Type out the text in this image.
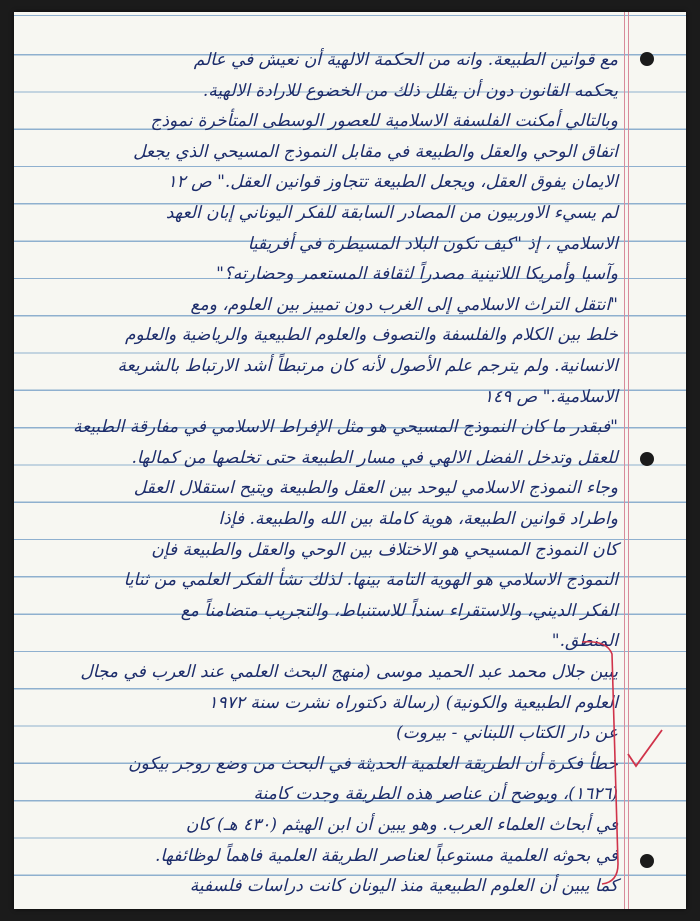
مع قوانين الطبيعة. وانه من الحكمة الالهية أن نعيش في عالم
يحكمه القانون دون أن يقلل ذلك من الخضوع للارادة الالهية.
وبالتالي أمكنت الفلسفة الاسلامية للعصور الوسطى المتأخرة نموذج
اتفاق الوحي والعقل والطبيعة في مقابل النموذج المسيحي الذي يجعل
الايمان يفوق العقل، ويجعل الطبيعة تتجاوز قوانين العقل." ص ١٢
لم يسيء الاوربيون من المصادر السابقة للفكر اليوناني إبان العهد
الاسلامي ، إذ "كيف تكون البلاد المسيطرة في أفريقيا
وآسيا وأمريكا اللاتينية مصدراً لثقافة المستعمر وحضارته؟"
"انتقل التراث الاسلامي إلى الغرب دون تمييز بين العلوم، ومع
خلط بين الكلام والفلسفة والتصوف والعلوم الطبيعية والرياضية والعلوم
الانسانية. ولم يترجم علم الأصول لأنه كان مرتبطاً أشد الارتباط بالشريعة
الاسلامية." ص ١٤٩
"فبقدر ما كان النموذج المسيحي هو مثل الإفراط الاسلامي في مفارقة الطبيعة
للعقل وتدخل الفضل الالهي في مسار الطبيعة حتى تخلصها من كمالها.
وجاء النموذج الاسلامي ليوحد بين العقل والطبيعة ويتيح استقلال العقل
واطراد قوانين الطبيعة، هوية كاملة بين الله والطبيعة. فإذا
كان النموذج المسيحي هو الاختلاف بين الوحي والعقل والطبيعة فإن
النموذج الاسلامي هو الهوية التامة بينها. لذلك نشأ الفكر العلمي من ثنايا
الفكر الديني، والاستقراء سنداً للاستنباط، والتجريب متضامناً مع
المنطق."
يبين جلال محمد عبد الحميد موسى (منهج البحث العلمي عند العرب في مجال
العلوم الطبيعية والكونية) (رسالة دكتوراه نشرت سنة ١٩٧٢
عن دار الكتاب اللبناني - بيروت)
خطأ فكرة أن الطريقة العلمية الحديثة في البحث من وضع روجر بيكون
(١٦٢٦)، ويوضح أن عناصر هذه الطريقة وجدت كامنة
في أبحاث العلماء العرب. وهو يبين أن ابن الهيثم (٤٣٠ هـ) كان
في بحوثه العلمية مستوعباً لعناصر الطريقة العلمية فاهماً لوظائفها.
كما يبين أن العلوم الطبيعية منذ اليونان كانت دراسات فلسفية
